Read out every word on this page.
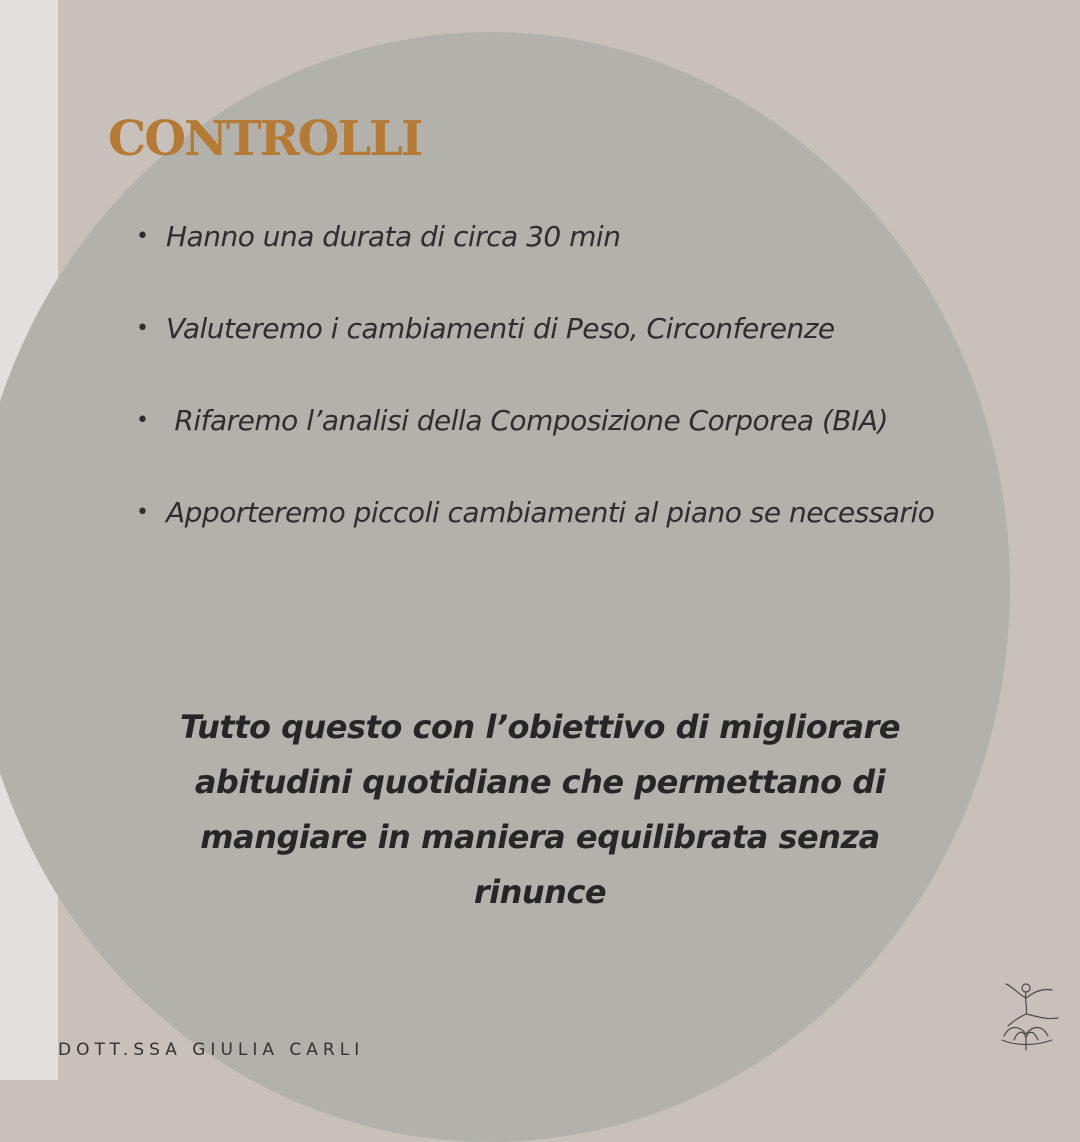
CONTROLLI
• Hanno una durata di circa 30 min
• Valuteremo i cambiamenti di Peso, Circonferenze
• Rifaremo l’analisi della Composizione Corporea (BIA)
• Apporteremo piccoli cambiamenti al piano se necessario

Tutto questo con l’obiettivo di migliorare abitudini quotidiane che permettano di mangiare in maniera equilibrata senza rinunce

DOTT.SSA GIULIA CARLI
